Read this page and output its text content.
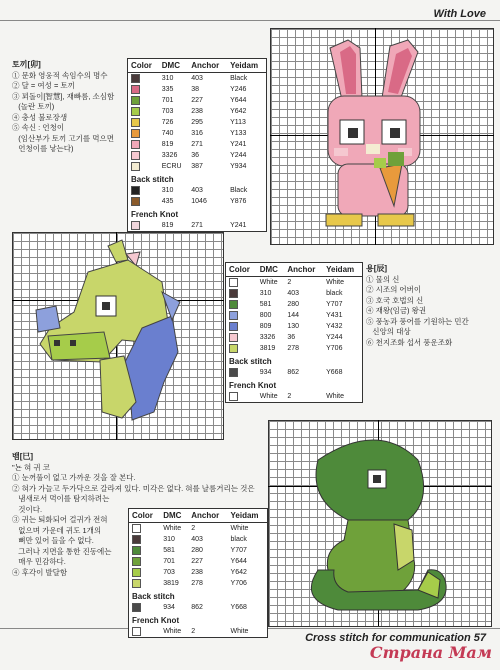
With Love
Cross stitch for communication 57
Страна Мам
토끼[卯]
① 문화 영웅적 속임수의 명수
② 달 = 여성 = 토끼
③ 꾀돌이[智慧], 재빠름, 소심함
(놀란 토끼)
④ 충성 불로장생
⑤ 속신 : 언청이
(임산부가 토끼 고기를 먹으면
언청이를 낳는다)
Color	DMC	Anchor	Yeidam
	310	403	Black
	335	38	Y246
	701	227	Y644
	703	238	Y642
	726	295	Y113
	740	316	Y133
	819	271	Y241
	3326	36	Y244
	ECRU	387	Y934
Back stitch			
	310	403	Black
	435	1046	Y876
French Knot			
	819	271	Y241
Color	DMC	Anchor	Yeidam
	White	2	White
	310	403	black
	581	280	Y707
	800	144	Y431
	809	130	Y432
	3326	36	Y244
	3819	278	Y706
Back stitch			
	934	862	Y668
French Knot			
	White	2	White
용[辰]
① 물의 신
② 시조의 어버이
③ 호국 호법의 신
④ 재왕(임금) 왕권
⑤ 풍농과 풍어를 기원하는 민간
신앙의 대상
⑥ 천지조화 섭서 풍운조화
뱀[巳]
"뇬 혀 귀 코
① 눈꺼풀이 없고 가까운 것을 잘 본다.
② 혀가 가늘고 두가닥으로 갈라져 있다. 미각은 없다. 혀를 날름거리는 것은
냄새로서 먹이를 탐지하려는
것이다.
③ 귀는 퇴화되어 걸귀가 전혀
없으며 가운데 귀도 1개의
뼈만 있어 들을 수 없다.
그러나 지면을 통한 진동에는
매우 민감하다.
④ 후각이 발달함
Color	DMC	Anchor	Yeidam
	White	2	White
	310	403	black
	581	280	Y707
	701	227	Y644
	703	238	Y642
	3819	278	Y706
Back stitch			
	934	862	Y668
French Knot			
	White	2	White
